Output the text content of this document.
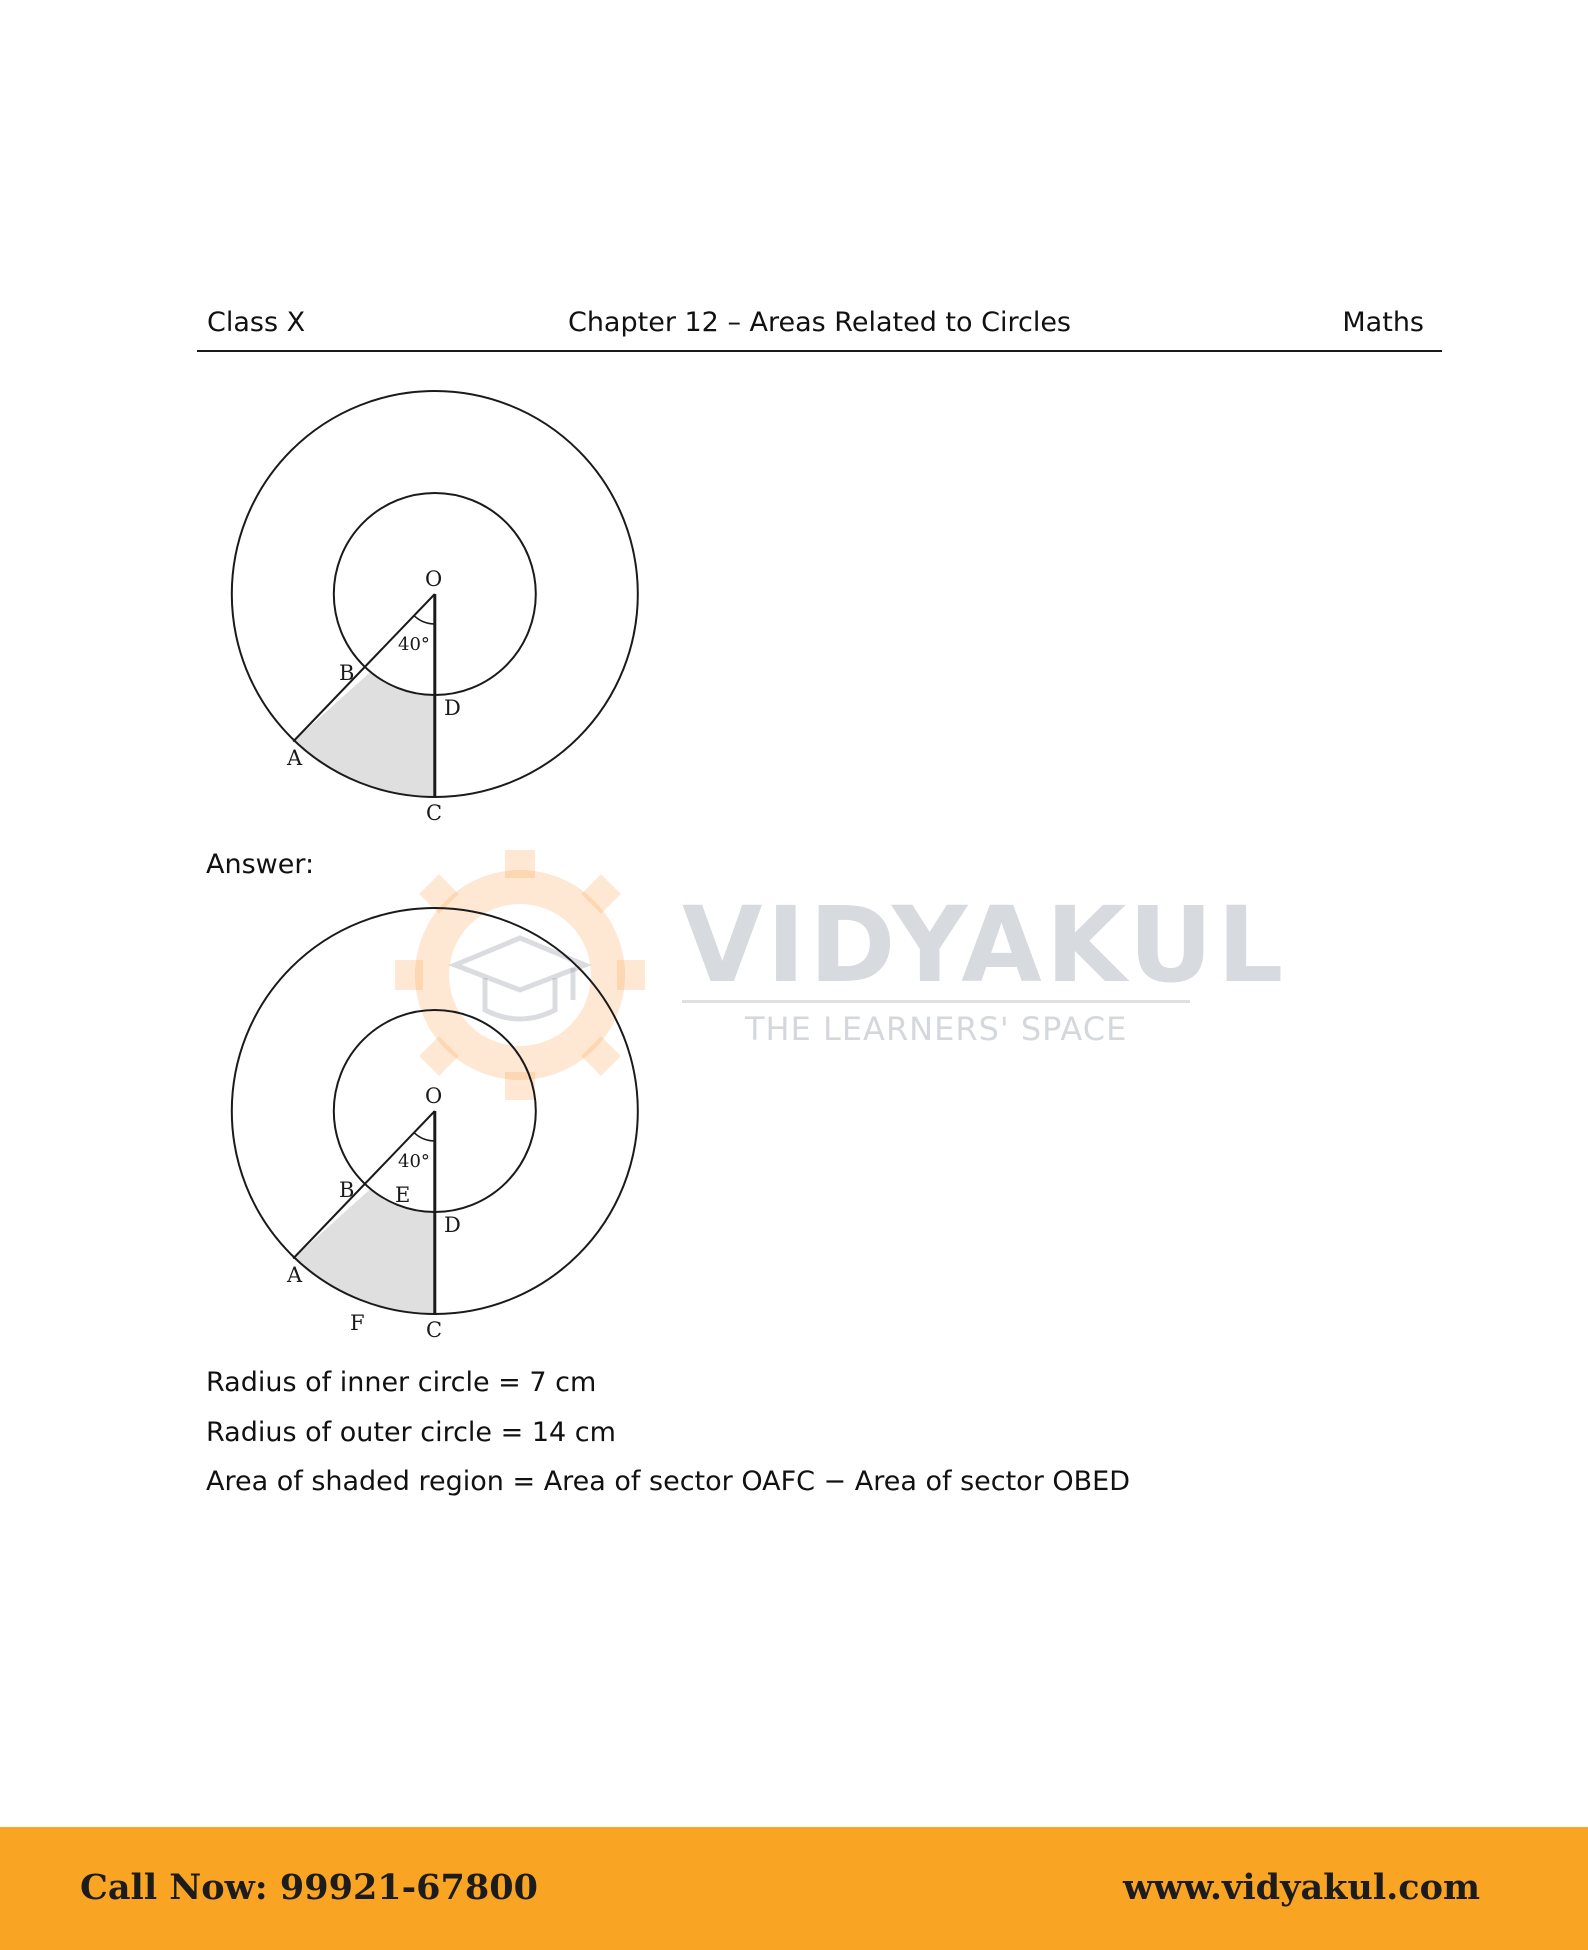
Class X	Chapter 12 – Areas Related to Circles	Maths
40°
O
B
D
A
C
Answer:
VIDYAKUL
THE LEARNERS' SPACE
40°
O
B E
D
A
F	C
Radius of inner circle = 7 cm
Radius of outer circle = 14 cm
Area of shaded region = Area of sector OAFC − Area of sector OBED
Call Now: 99921-67800	www.vidyakul.com
